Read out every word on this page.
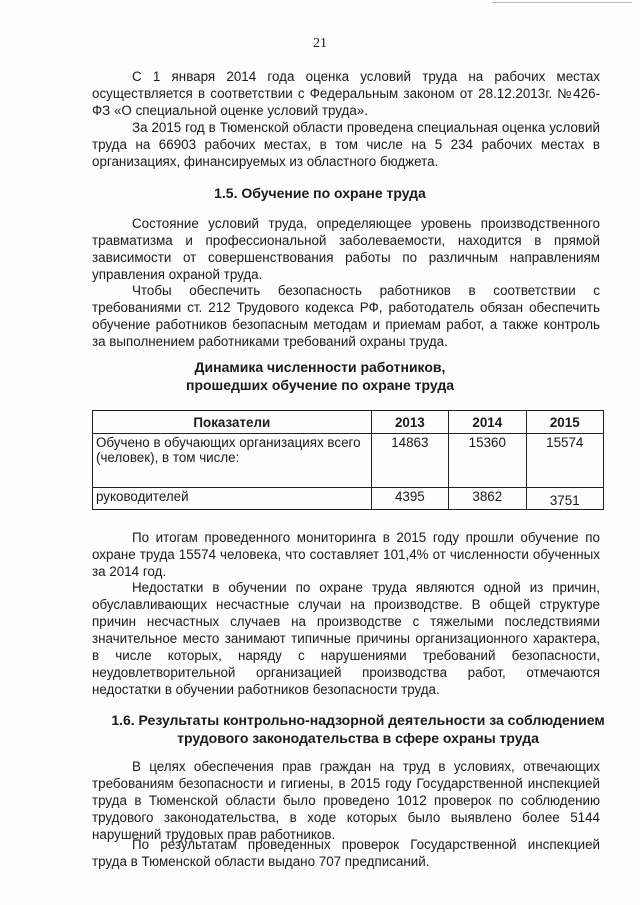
21

С 1 января 2014 года оценка условий труда на рабочих местах осуществляется в соответствии с Федеральным законом от 28.12.2013г. №426-ФЗ «О специальной оценке условий труда».

За 2015 год в Тюменской области проведена специальная оценка условий труда на 66903 рабочих местах, в том числе на 5 234 рабочих местах в организациях, финансируемых из областного бюджета.

1.5. Обучение по охране труда

Состояние условий труда, определяющее уровень производственного травматизма и профессиональной заболеваемости, находится в прямой зависимости от совершенствования работы по различным направлениям управления охраной труда.

Чтобы обеспечить безопасность работников в соответствии с требованиями ст. 212 Трудового кодекса РФ, работодатель обязан обеспечить обучение работников безопасным методам и приемам работ, а также контроль за выполнением работниками требований охраны труда.

Динамика численности работников,
прошедших обучение по охране труда
Показатели	2013	2014	2015
Обучено в обучающих организациях всего (человек), в том числе:	14863	15360	15574
руководителей	4395	3862	3751

По итогам проведенного мониторинга в 2015 году прошли обучение по охране труда 15574 человека, что составляет 101,4% от численности обученных за 2014 год.

Недостатки в обучении по охране труда являются одной из причин, обуславливающих несчастные случаи на производстве. В общей структуре причин несчастных случаев на производстве с тяжелыми последствиями значительное место занимают типичные причины организационного характера, в числе которых, наряду с нарушениями требований безопасности, неудовлетворительной организацией производства работ, отмечаются недостатки в обучении работников безопасности труда.

1.6. Результаты контрольно-надзорной деятельности за соблюдением
трудового законодательства в сфере охраны труда

В целях обеспечения прав граждан на труд в условиях, отвечающих требованиям безопасности и гигиены, в 2015 году Государственной инспекцией труда в Тюменской области было проведено 1012 проверок по соблюдению трудового законодательства, в ходе которых было выявлено более 5144 нарушений трудовых прав работников.

По результатам проведенных проверок Государственной инспекцией труда в Тюменской области выдано 707 предписаний.
